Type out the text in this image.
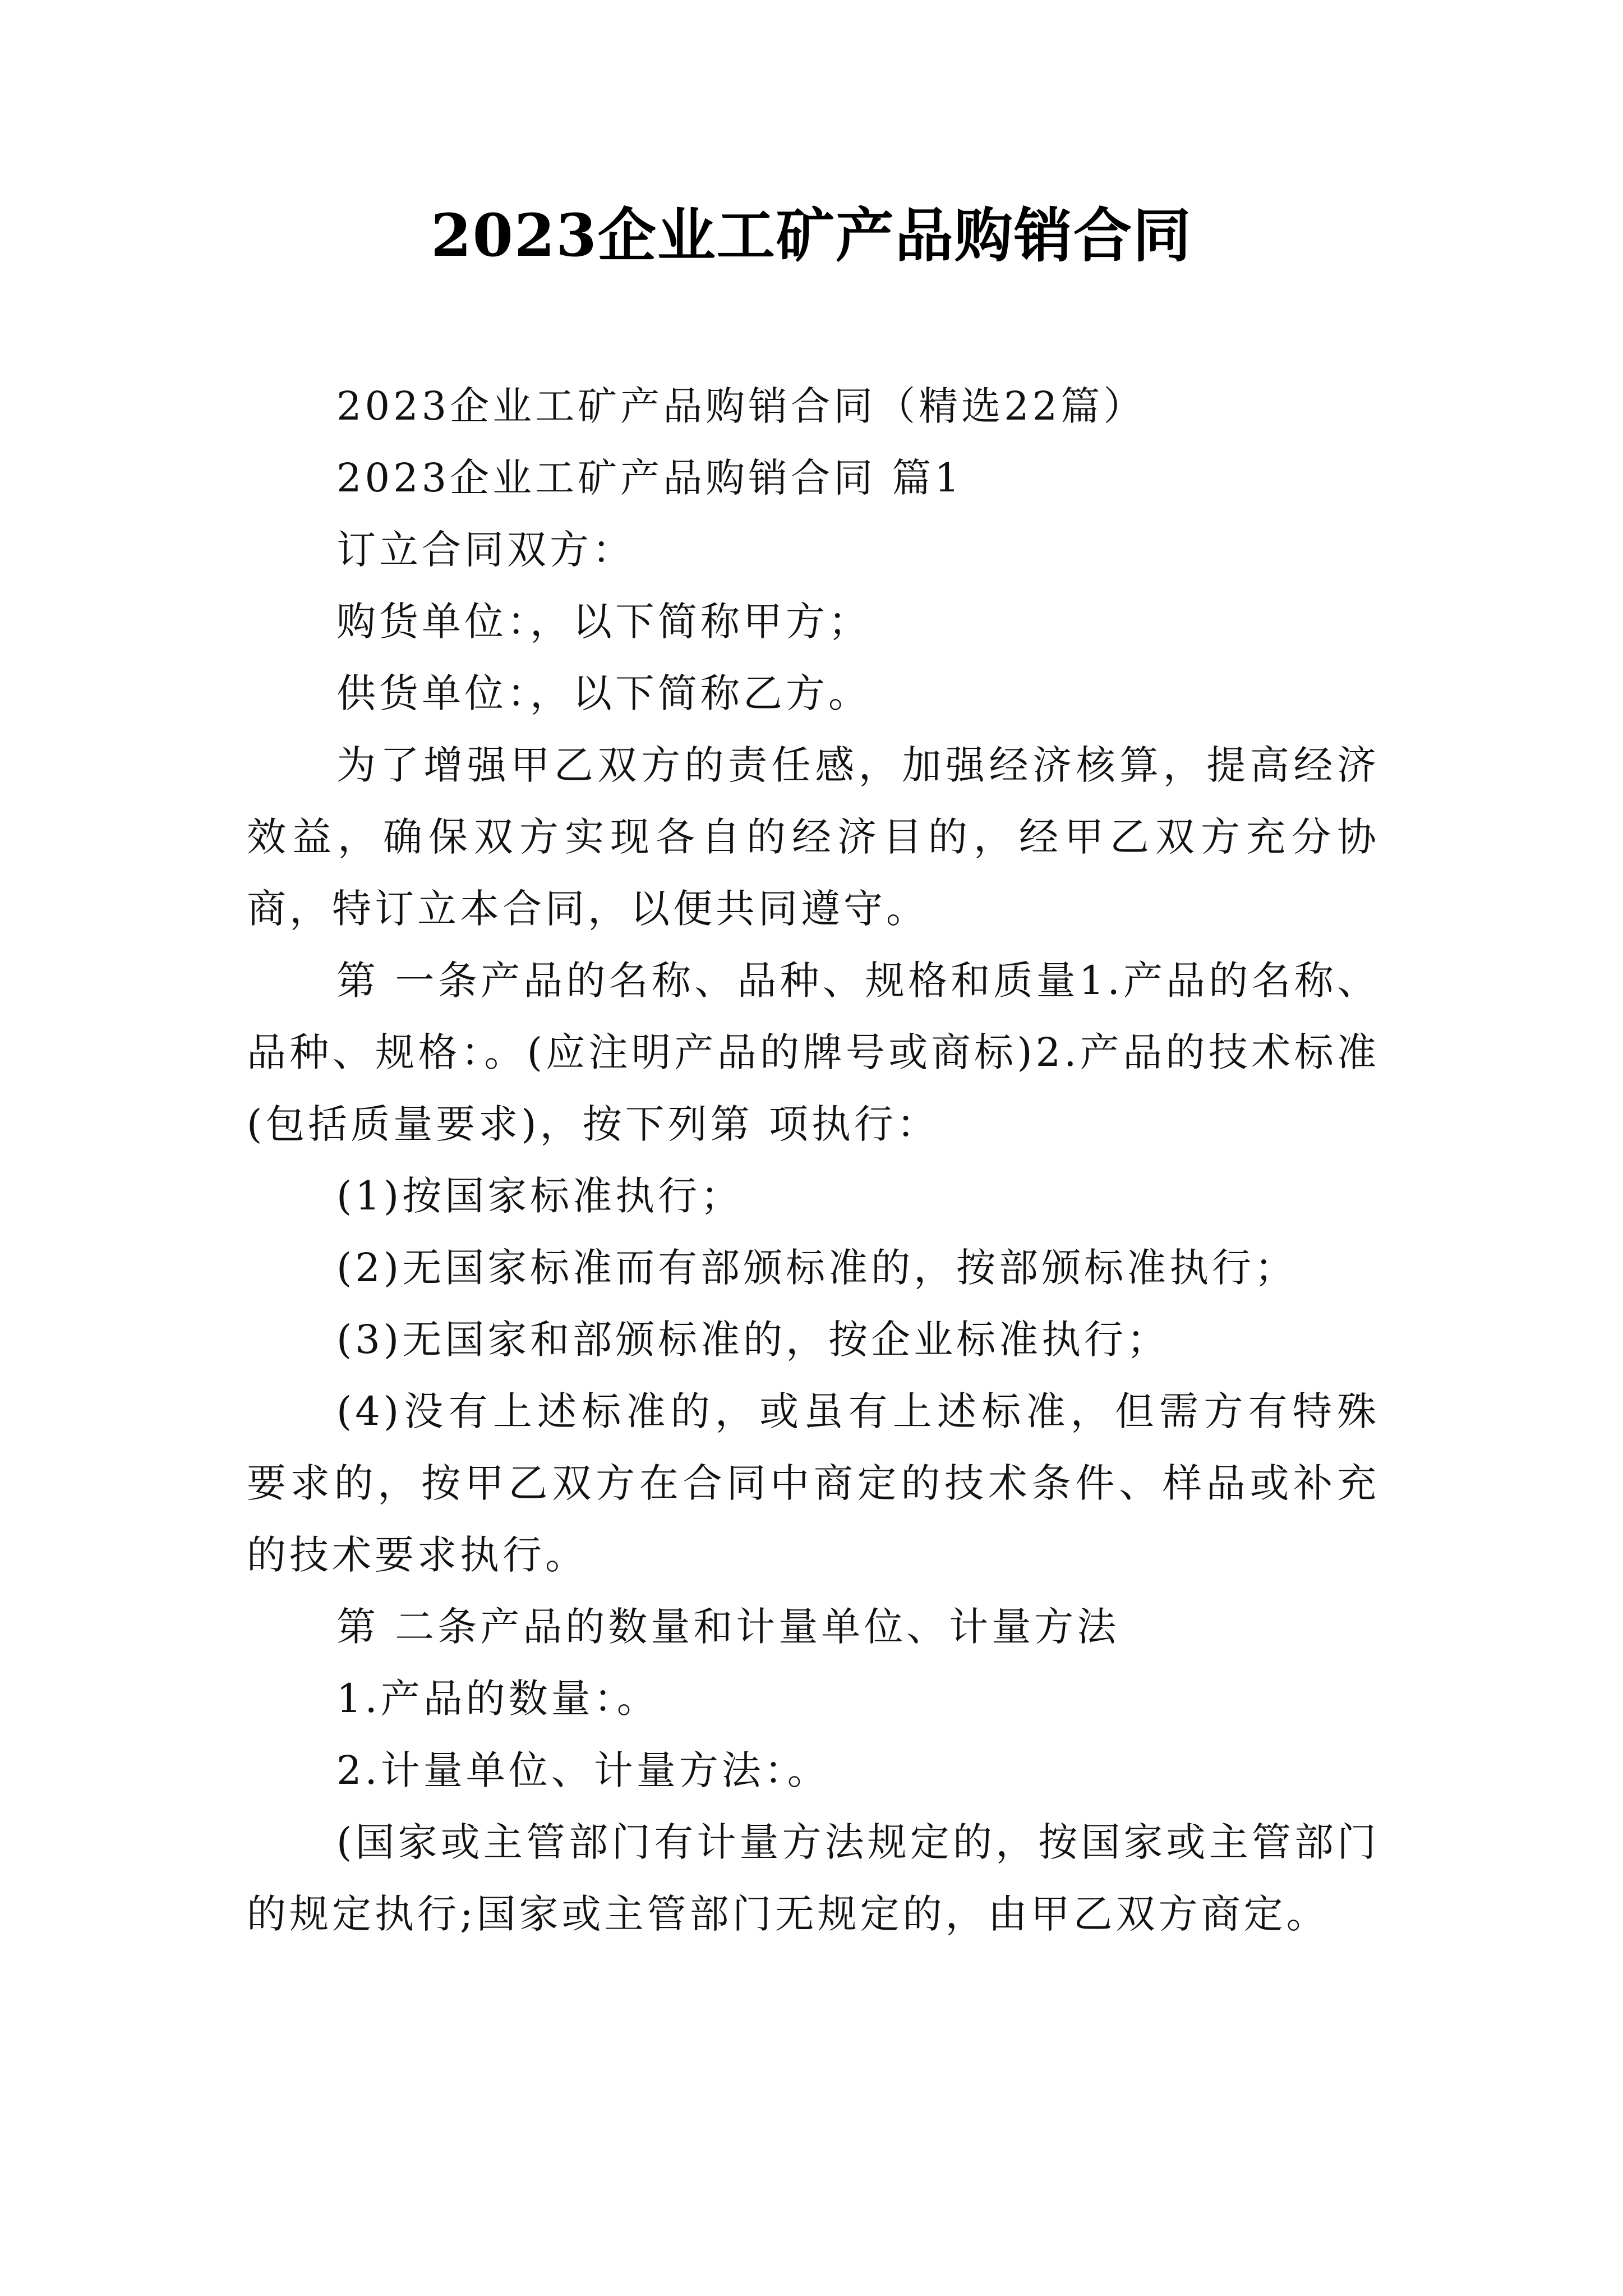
2023企业工矿产品购销合同

2023企业工矿产品购销合同（精选22篇）

2023企业工矿产品购销合同 篇1

订立合同双方：

购货单位：，以下简称甲方；

供货单位：，以下简称乙方。

为了增强甲乙双方的责任感，加强经济核算，提高经济效益，确保双方实现各自的经济目的，经甲乙双方充分协商，特订立本合同，以便共同遵守。

第 一条产品的名称、品种、规格和质量1.产品的名称、品种、规格：。(应注明产品的牌号或商标)2.产品的技术标准(包括质量要求)，按下列第 项执行：

(1)按国家标准执行；

(2)无国家标准而有部颁标准的，按部颁标准执行；

(3)无国家和部颁标准的，按企业标准执行；

(4)没有上述标准的，或虽有上述标准，但需方有特殊要求的，按甲乙双方在合同中商定的技术条件、样品或补充的技术要求执行。

第 二条产品的数量和计量单位、计量方法

1.产品的数量：。

2.计量单位、计量方法：。

(国家或主管部门有计量方法规定的，按国家或主管部门的规定执行;国家或主管部门无规定的，由甲乙双方商定。
